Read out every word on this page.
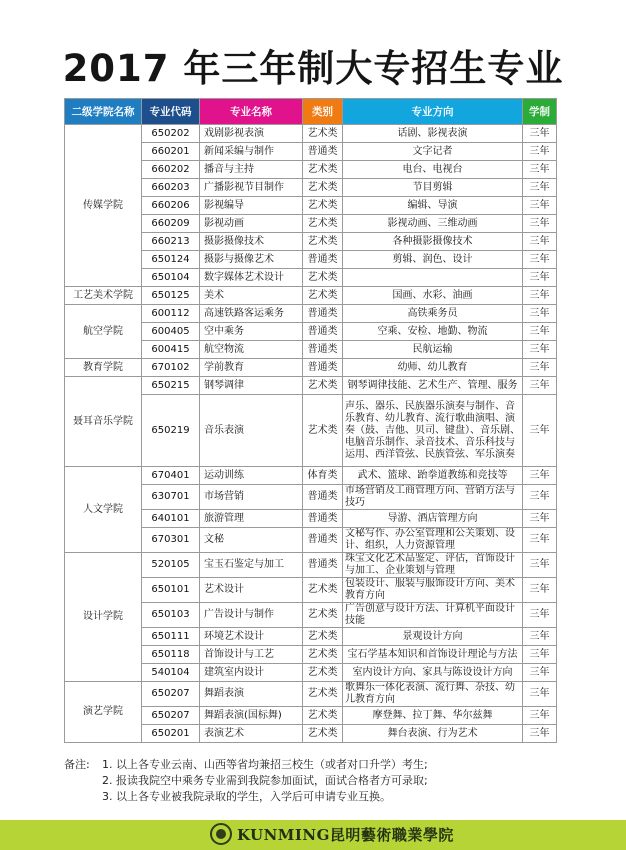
2017 年三年制大专招生专业
二级学院名称	专业代码	专业名称	类别	专业方向	学制
传媒学院	650202	戏剧影视表演	艺术类	话剧、影视表演	三年
	660201	新闻采编与制作	普通类	文字记者	三年
	660202	播音与主持	艺术类	电台、电视台	三年
	660203	广播影视节目制作	艺术类	节目剪辑	三年
	660206	影视编导	艺术类	编辑、导演	三年
	660209	影视动画	艺术类	影视动画、三维动画	三年
	660213	摄影摄像技术	艺术类	各种摄影摄像技术	三年
	650124	摄影与摄像艺术	普通类	剪辑、润色、设计	三年
	650104	数字媒体艺术设计	艺术类		三年
工艺美术学院	650125	美术	艺术类	国画、水彩、油画	三年
航空学院	600112	高速铁路客运乘务	普通类	高铁乘务员	三年
	600405	空中乘务	普通类	空乘、安检、地勤、物流	三年
	600415	航空物流	普通类	民航运输	三年
教育学院	670102	学前教育	普通类	幼师、幼儿教育	三年
聂耳音乐学院	650215	钢琴调律	艺术类	钢琴调律技能、艺术生产、管理、服务	三年
	650219	音乐表演	艺术类	声乐、器乐、民族器乐演奏与制作、音乐教育、幼儿教育、流行歌曲演唱、演奏（鼓、吉他、贝司、键盘）、音乐剧、电脑音乐制作、录音技术、音乐科技与运用、西洋管弦、民族管弦、军乐演奏	三年
人文学院	670401	运动训练	体育类	武术、篮球、跆拳道教练和竞技等	三年
	630701	市场营销	普通类	市场营销及工商管理方向、营销方法与技巧	三年
	640101	旅游管理	普通类	导游、酒店管理方向	三年
	670301	文秘	普通类	文秘写作、办公室管理和公关策划、设计、组织，人力资源管理	三年
设计学院	520105	宝玉石鉴定与加工	普通类	珠宝文化艺术品鉴定、评估，首饰设计与加工、企业策划与管理	三年
	650101	艺术设计	艺术类	包装设计、服装与服饰设计方向、美术教育方向	三年
	650103	广告设计与制作	艺术类	广告创意与设计方法、计算机平面设计技能	三年
	650111	环境艺术设计	艺术类	景观设计方向	三年
	650118	首饰设计与工艺	艺术类	宝石学基本知识和首饰设计理论与方法	三年
	540104	建筑室内设计	艺术类	室内设计方向、家具与陈设设计方向	三年
演艺学院	650207	舞蹈表演	艺术类	歌舞乐一体化表演、流行舞、杂技、幼儿教育方向	三年
	650207	舞蹈表演(国标舞)	艺术类	摩登舞、拉丁舞、华尔兹舞	三年
	650201	表演艺术	艺术类	舞台表演、行为艺术	三年
备注: 1. 以上各专业云南、山西等省均兼招三校生（或者对口升学）考生;
2. 报读我院空中乘务专业需到我院参加面试，面试合格者方可录取;
3. 以上各专业被我院录取的学生，入学后可申请专业互换。
KUNMING昆明藝術職業學院
